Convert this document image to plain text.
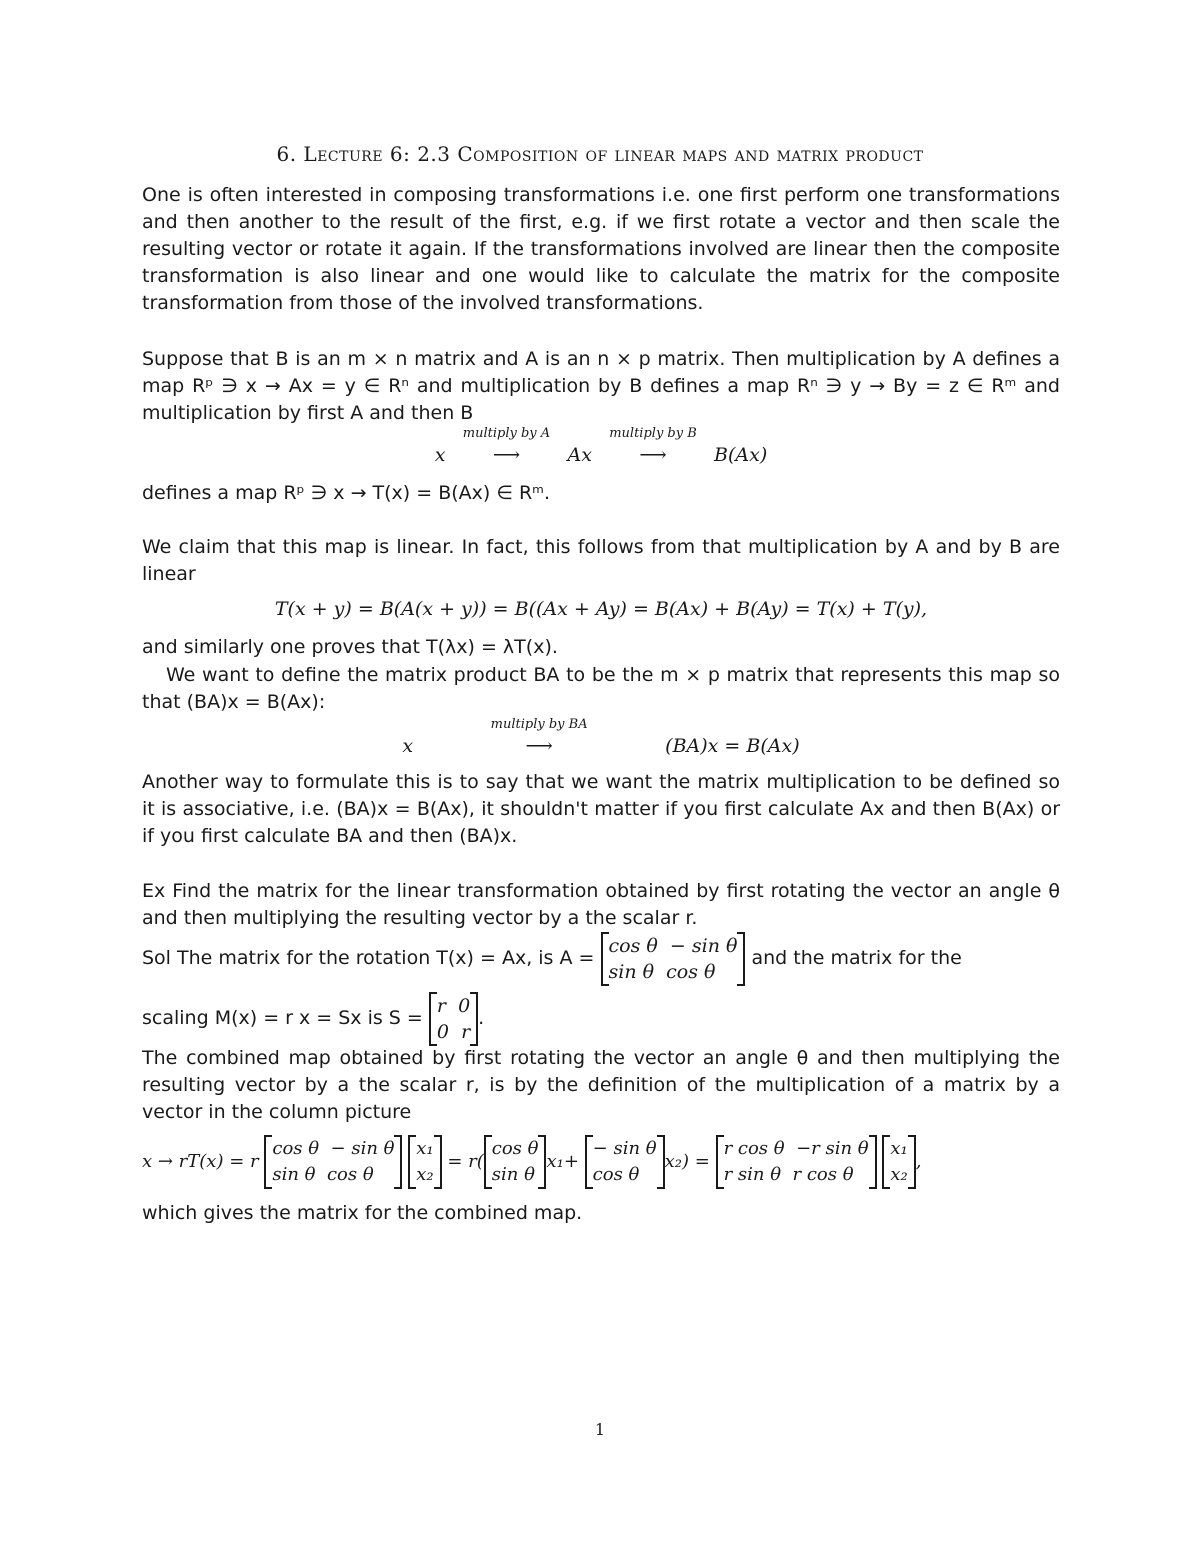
6. Lecture 6: 2.3 Composition of linear maps and matrix product
One is often interested in composing transformations i.e. one first perform one transformations and then another to the result of the first, e.g. if we first rotate a vector and then scale the resulting vector or rotate it again. If the transformations involved are linear then the composite transformation is also linear and one would like to calculate the matrix for the composite transformation from those of the involved transformations.
Suppose that B is an m × n matrix and A is an n × p matrix. Then multiplication by A defines a map Rᵖ ∋ x → Ax = y ∈ Rⁿ and multiplication by B defines a map Rⁿ ∋ y → By = z ∈ Rᵐ and multiplication by first A and then B
x
multiply by A
⟶ Ax
multiply by B
⟶ B(Ax)
defines a map Rᵖ ∋ x → T(x) = B(Ax) ∈ Rᵐ.
We claim that this map is linear. In fact, this follows from that multiplication by A and by B are linear
T(x + y) = B(A(x + y)) = B((Ax + Ay) = B(Ax) + B(Ay) = T(x) + T(y),
and similarly one proves that T(λx) = λT(x).
We want to define the matrix product BA to be the m × p matrix that represents this map so that (BA)x = B(Ax):
x
multiply by BA
⟶	(BA)x = B(Ax)
Another way to formulate this is to say that we want the matrix multiplication to be defined so it is associative, i.e. (BA)x = B(Ax), it shouldn't matter if you first calculate Ax and then B(Ax) or if you first calculate BA and then (BA)x.
Ex Find the matrix for the linear transformation obtained by first rotating the vector an angle θ and then multiplying the resulting vector by a the scalar r.
Sol The matrix for the rotation T(x) = Ax, is A =
cos θ − sin θ
sin θ cos θ
and the matrix for the
scaling M(x) = r x = Sx is S =
r 0
0 r
.
The combined map obtained by first rotating the vector an angle θ and then multiplying the resulting vector by a the scalar r, is by the definition of the multiplication of a matrix by a vector in the column picture
x → rT(x) = r
cos θ − sin θ
sin θ cos θ

x₁
x₂
= r(
cos θ
sin θ
x₁+
− sin θ
cos θ
x₂) =
r cos θ −r sin θ
r sin θ r cos θ

x₁
x₂
,
which gives the matrix for the combined map.
1
